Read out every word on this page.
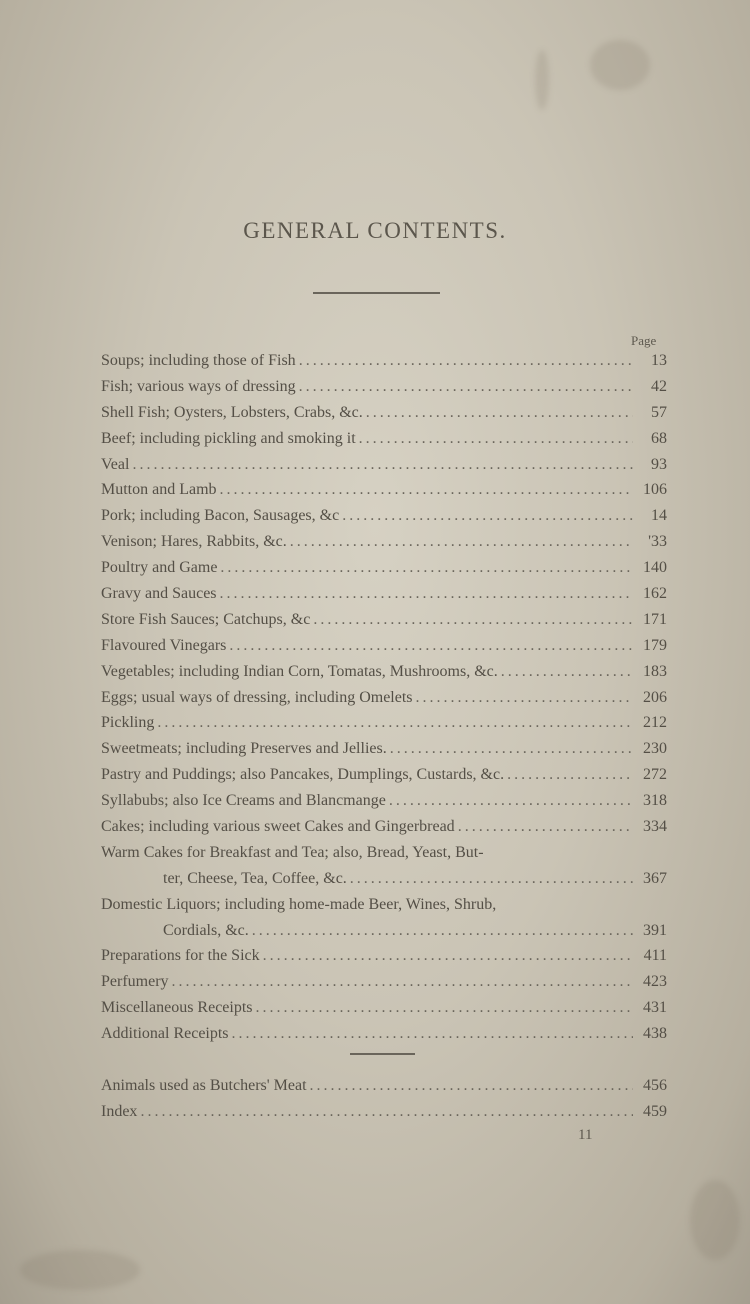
GENERAL CONTENTS.
Page
Soups; including those of Fish .....	13
Fish; various ways of dressing .....	42
Shell Fish; Oysters, Lobsters, Crabs, &c. .....	57
Beef; including pickling and smoking it .....	68
Veal .....	93
Mutton and Lamb .....	106
Pork; including Bacon, Sausages, &c .....	14
Venison; Hares, Rabbits, &c. .....	'33
Poultry and Game .....	140
Gravy and Sauces .....	162
Store Fish Sauces; Catchups, &c .....	171
Flavoured Vinegars .....	179
Vegetables; including Indian Corn, Tomatas, Mushrooms, &c. .....	183
Eggs; usual ways of dressing, including Omelets .....	206
Pickling .....	212
Sweetmeats; including Preserves and Jellies. .....	230
Pastry and Puddings; also Pancakes, Dumplings, Custards, &c. .....	272
Syllabubs; also Ice Creams and Blancmange .....	318
Cakes; including various sweet Cakes and Gingerbread .....	334
Warm Cakes for Breakfast and Tea; also, Bread, Yeast, But-
ter, Cheese, Tea, Coffee, &c. .....	367
Domestic Liquors; including home-made Beer, Wines, Shrub,
Cordials, &c. .....	391
Preparations for the Sick .....	411
Perfumery .....	423
Miscellaneous Receipts .....	431
Additional Receipts .....	438
Animals used as Butchers' Meat .....	456
Index .....	459
11
